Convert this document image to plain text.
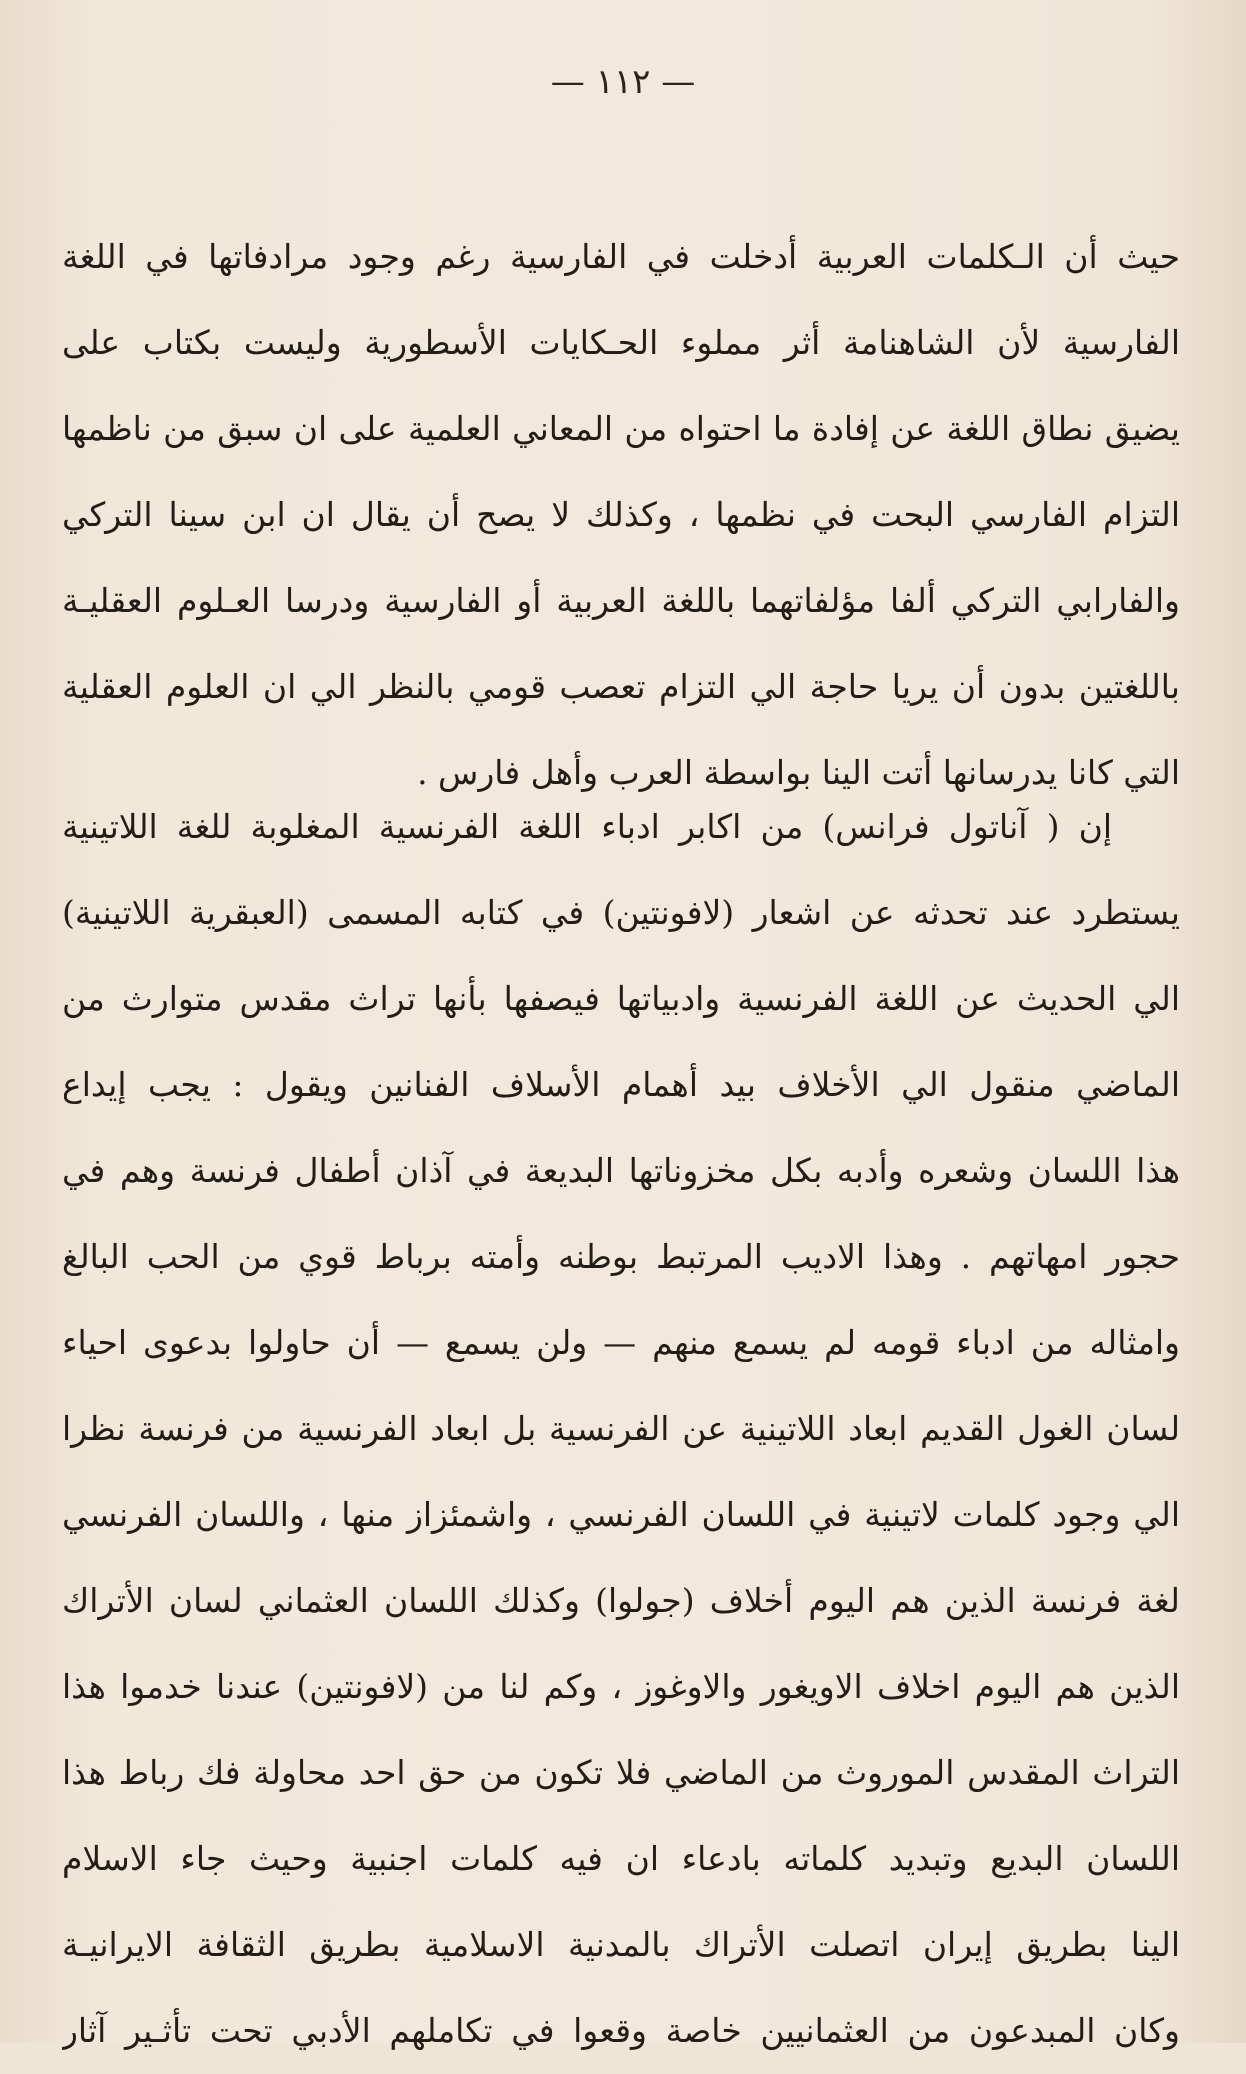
— ١١٢ —
حيث أن الـكلمات العربية أدخلت في الفارسية رغم وجود مرادفاتها في اللغة
الفارسية لأن الشاهنامة أثر مملوء الحـكايات الأسطورية وليست بكتاب على
يضيق نطاق اللغة عن إفادة ما احتواه من المعاني العلمية على ان سبق من ناظمها
التزام الفارسي البحت في نظمها ، وكذلك لا يصح أن يقال ان ابن سينا التركي
والفارابي التركي ألفا مؤلفاتهما باللغة العربية أو الفارسية ودرسا العـلوم العقليـة
باللغتين بدون أن يريا حاجة الي التزام تعصب قومي بالنظر الي ان العلوم العقلية
التي كانا يدرسانها أتت الينا بواسطة العرب وأهل فارس .
إن ( آناتول فرانس) من اكابر ادباء اللغة الفرنسية المغلوبة للغة اللاتينية
يستطرد عند تحدثه عن اشعار (لافونتين) في كتابه المسمى (العبقرية اللاتينية)
الي الحديث عن اللغة الفرنسية وادبياتها فيصفها بأنها تراث مقدس متوارث من
الماضي منقول الي الأخلاف بيد أهمام الأسلاف الفنانين ويقول : يجب إيداع
هذا اللسان وشعره وأدبه بكل مخزوناتها البديعة في آذان أطفال فرنسة وهم في
حجور امهاتهم . وهذا الاديب المرتبط بوطنه وأمته برباط قوي من الحب البالغ
وامثاله من ادباء قومه لم يسمع منهم — ولن يسمع — أن حاولوا بدعوى احياء
لسان الغول القديم ابعاد اللاتينية عن الفرنسية بل ابعاد الفرنسية من فرنسة نظرا
الي وجود كلمات لاتينية في اللسان الفرنسي ، واشمئزاز منها ، واللسان الفرنسي
لغة فرنسة الذين هم اليوم أخلاف (جولوا) وكذلك اللسان العثماني لسان الأتراك
الذين هم اليوم اخلاف الاويغور والاوغوز ، وكم لنا من (لافونتين) عندنا خدموا هذا
التراث المقدس الموروث من الماضي فلا تكون من حق احد محاولة فك رباط هذا
اللسان البديع وتبديد كلماته بادعاء ان فيه كلمات اجنبية وحيث جاء الاسلام
الينا بطريق إيران اتصلت الأتراك بالمدنية الاسلامية بطريق الثقافة الايرانيـة
وكان المبدعون من العثمانيين خاصة وقعوا في تكاملهم الأدبي تحت تأثـير آثار
